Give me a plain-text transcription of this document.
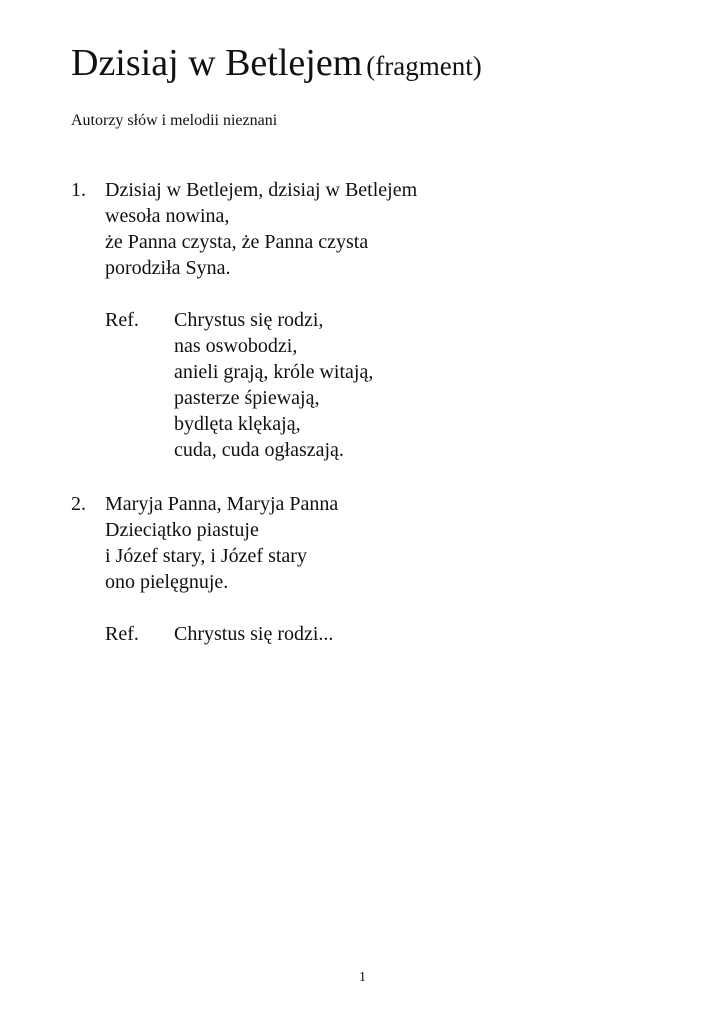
Dzisiaj w Betlejem (fragment)
Autorzy słów i melodii nieznani
1. Dzisiaj w Betlejem, dzisiaj w Betlejem
wesoła nowina,
że Panna czysta, że Panna czysta
porodziła Syna.
Ref.	Chrystus się rodzi,
nas oswobodzi,
anieli grają, króle witają,
pasterze śpiewają,
bydlęta klękają,
cuda, cuda ogłaszają.
2. Maryja Panna, Maryja Panna
Dzieciątko piastuje
i Józef stary, i Józef stary
ono pielęgnuje.
Ref.	Chrystus się rodzi...
1
